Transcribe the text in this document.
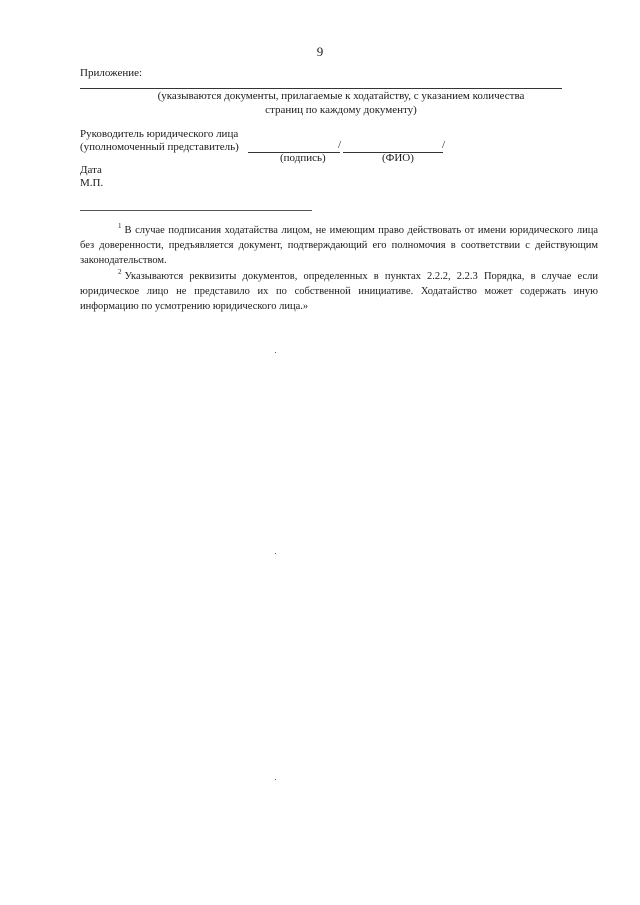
9
Приложение:
(указываются документы, прилагаемые к ходатайству, с указанием количества
страниц по каждому документу)
Руководитель юридического лица
(уполномоченный представитель)	/	/
(подпись)	(ФИО)
Дата
М.П.

$^1$ В случае подписания ходатайства лицом, не имеющим право действовать от имени юридического лица без доверенности, предъявляется документ, подтверждающий его полномочия в соответствии с действующим законодательством.

$^2$ Указываются реквизиты документов, определенных в пунктах 2.2.2, 2.2.3 Порядка, в случае если юридическое лицо не представило их по собственной инициативе. Ходатайство может содержать иную информацию по усмотрению юридического лица.»
